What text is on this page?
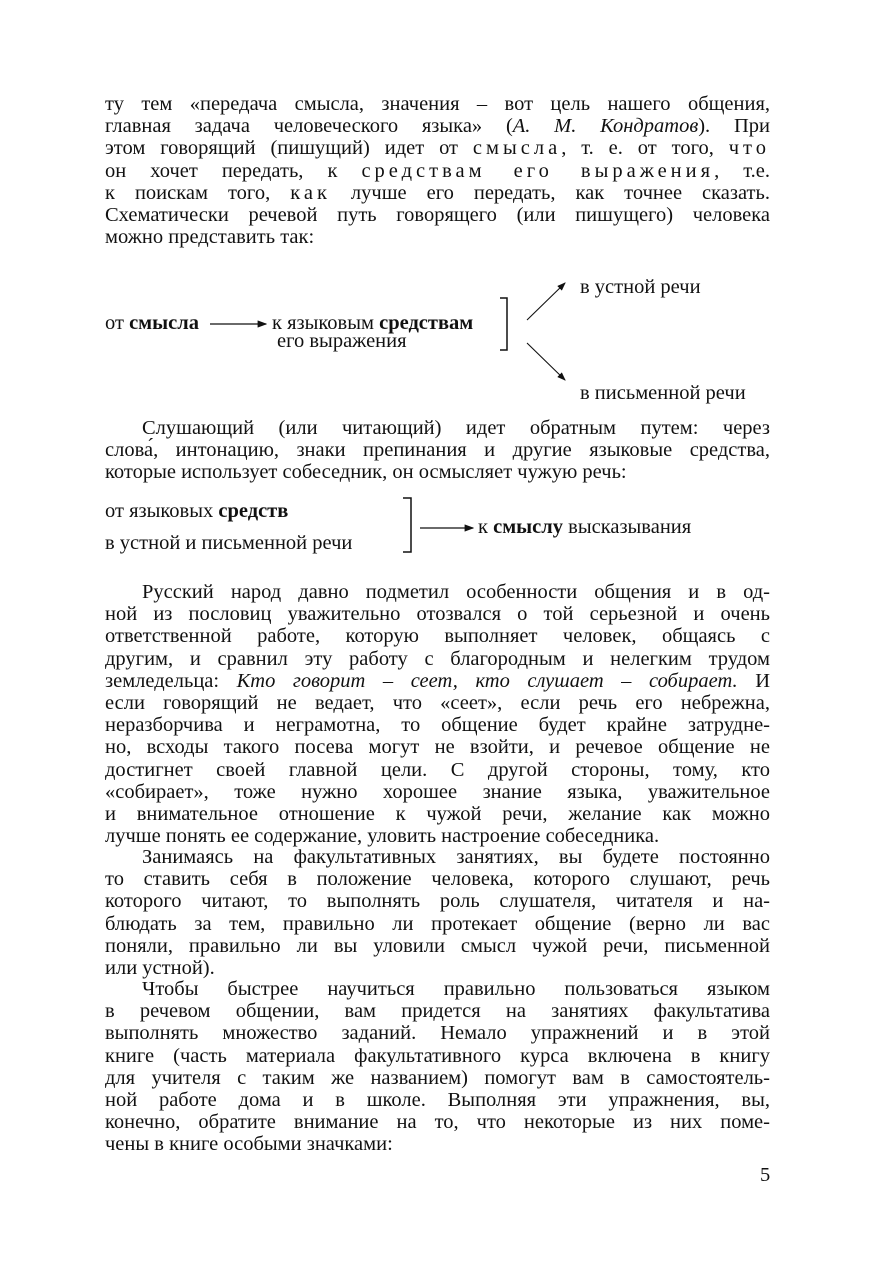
ту тем «передача смысла, значения – вот цель нашего общения,
главная задача человеческого языка» (А. М. Кондратов). При
этом говорящий (пишущий) идет от смысла, т. е. от того, что
он хочет передать, к средствам его выражения, т.е.
к поискам того, как лучше его передать, как точнее сказать.
Схематически речевой путь говорящего (или пишущего) человека
можно представить так:
Слушающий (или читающий) идет обратным путем: через
слова́, интонацию, знаки препинания и другие языковые средства,
которые использует собеседник, он осмысляет чужую речь:
Русский народ давно подметил особенности общения и в од-
ной из пословиц уважительно отозвался о той серьезной и очень
ответственной работе, которую выполняет человек, общаясь с
другим, и сравнил эту работу с благородным и нелегким трудом
земледельца: Кто говорит – сеет, кто слушает – собирает. И
если говорящий не ведает, что «сеет», если речь его небрежна,
неразборчива и неграмотна, то общение будет крайне затрудне-
но, всходы такого посева могут не взойти, и речевое общение не
достигнет своей главной цели. С другой стороны, тому, кто
«собирает», тоже нужно хорошее знание языка, уважительное
и внимательное отношение к чужой речи, желание как можно
лучше понять ее содержание, уловить настроение собеседника.
Занимаясь на факультативных занятиях, вы будете постоянно
то ставить себя в положение человека, которого слушают, речь
которого читают, то выполнять роль слушателя, читателя и на-
блюдать за тем, правильно ли протекает общение (верно ли вас
поняли, правильно ли вы уловили смысл чужой речи, письменной
или устной).
Чтобы быстрее научиться правильно пользоваться языком
в речевом общении, вам придется на занятиях факультатива
выполнять множество заданий. Немало упражнений и в этой
книге (часть материала факультативного курса включена в книгу
для учителя с таким же названием) помогут вам в самостоятель-
ной работе дома и в школе. Выполняя эти упражнения, вы,
конечно, обратите внимание на то, что некоторые из них поме-
чены в книге особыми значками:
от смысла	к языковым средствам
его выражения
в устной речи
в письменной речи
от языковых средств
в устной и письменной речи
к смыслу высказывания
5
